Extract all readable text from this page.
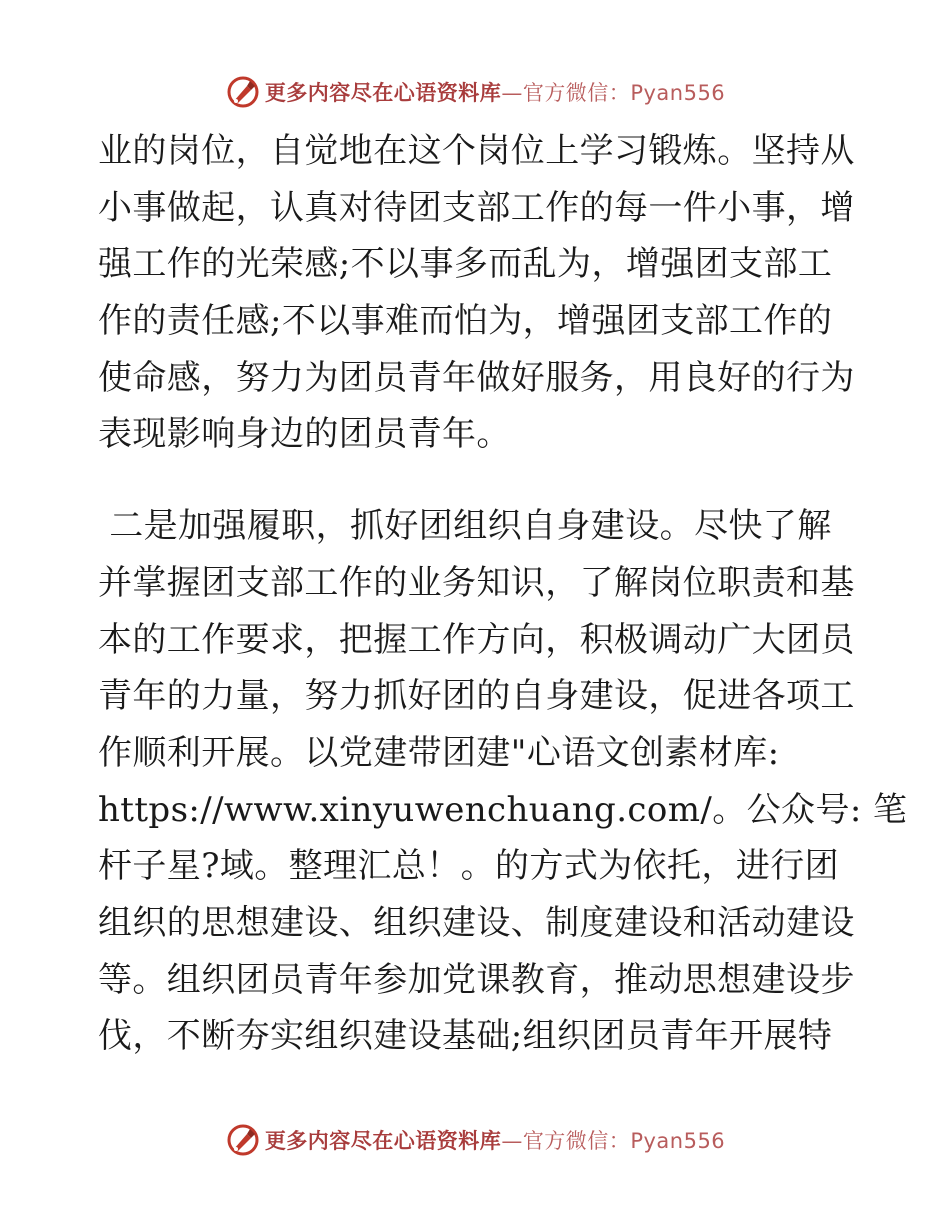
更多内容尽在心语资料库—官方微信：Pyan556
业的岗位，自觉地在这个岗位上学习锻炼。坚持从
小事做起，认真对待团支部工作的每一件小事，增
强工作的光荣感;不以事多而乱为，增强团支部工
作的责任感;不以事难而怕为，增强团支部工作的
使命感，努力为团员青年做好服务，用良好的行为
表现影响身边的团员青年。
二是加强履职，抓好团组织自身建设。尽快了解
并掌握团支部工作的业务知识，了解岗位职责和基
本的工作要求，把握工作方向，积极调动广大团员
青年的力量，努力抓好团的自身建设，促进各项工
作顺利开展。以党建带团建"心语文创素材库:
https://www.xinyuwenchuang.com/。公众号: 笔
杆子星?域。整理汇总！。的方式为依托，进行团
组织的思想建设、组织建设、制度建设和活动建设
等。组织团员青年参加党课教育，推动思想建设步
伐，不断夯实组织建设基础;组织团员青年开展特
更多内容尽在心语资料库—官方微信：Pyan556
